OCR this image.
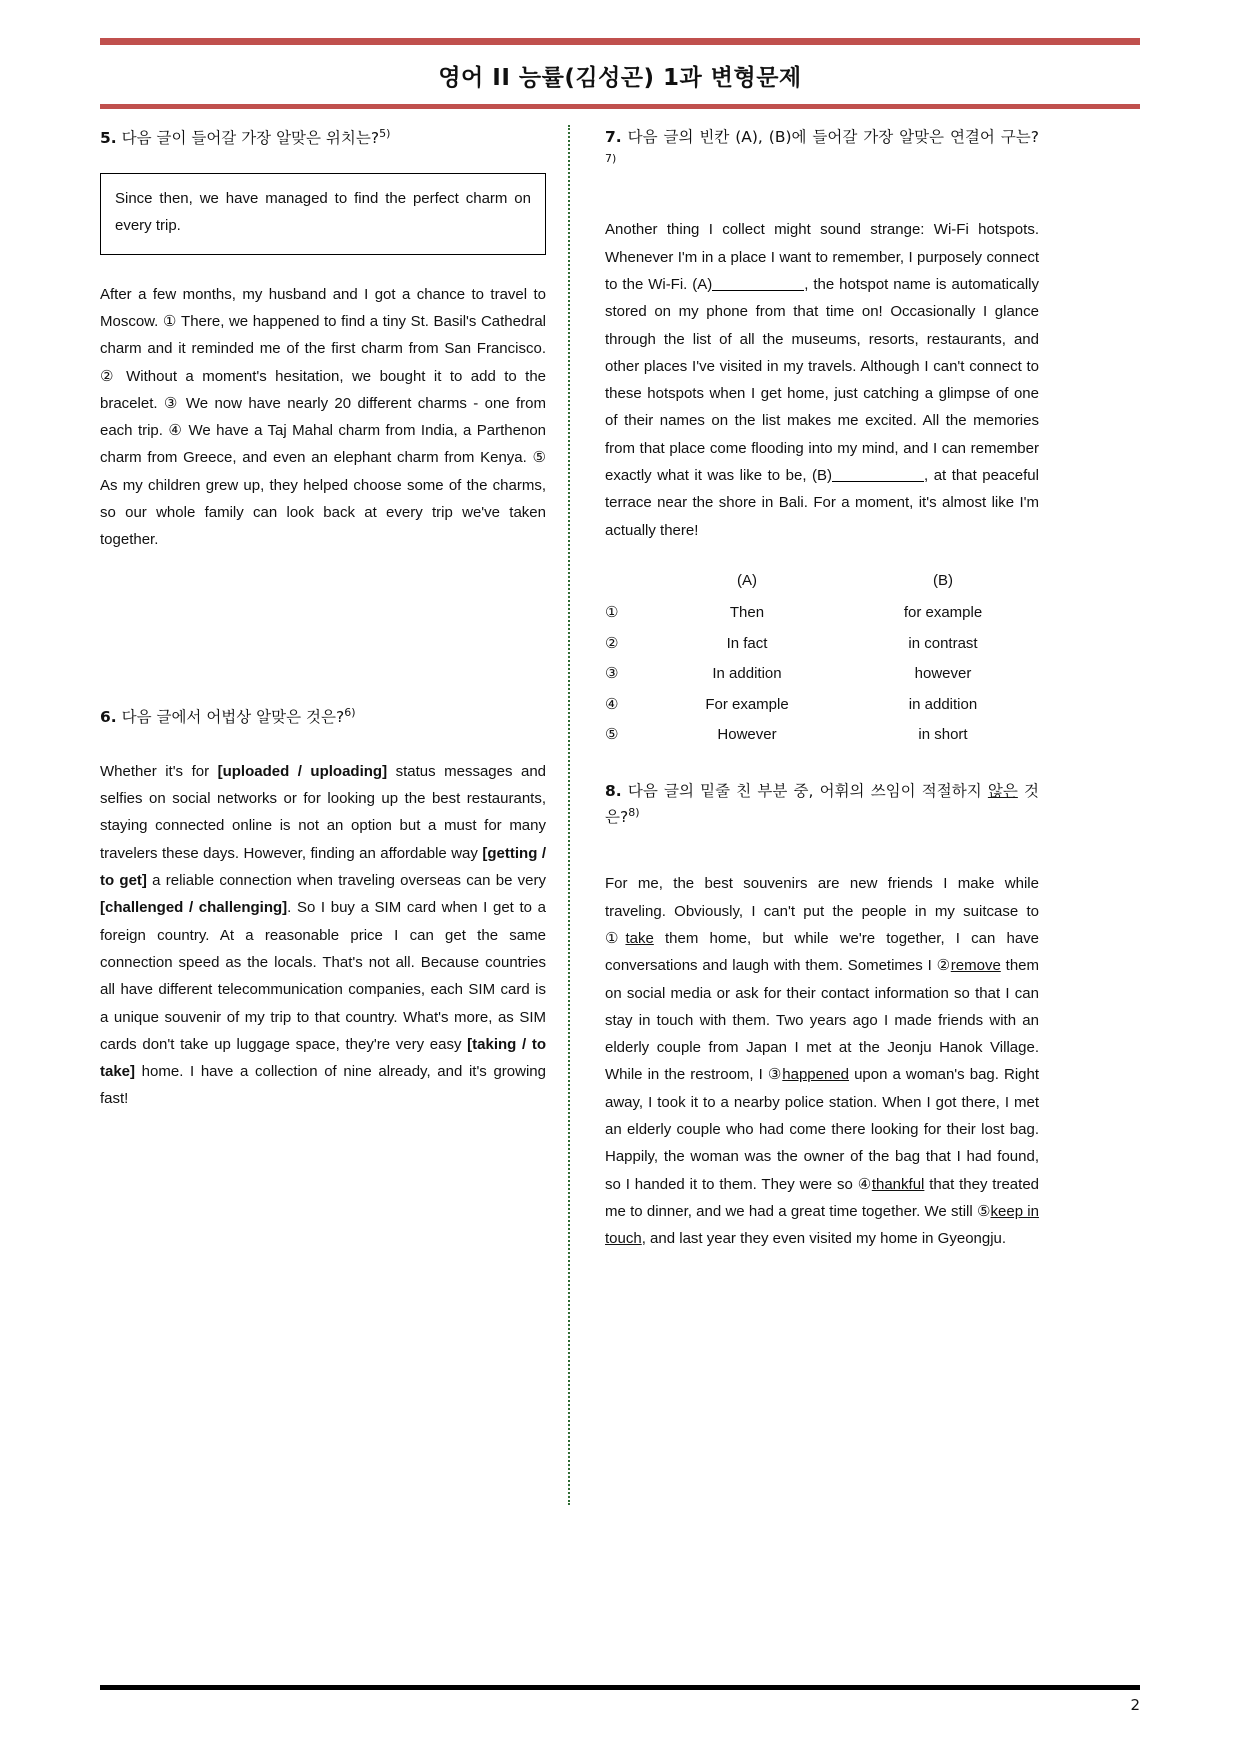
영어 II 능률(김성곤) 1과 변형문제

5. 다음 글이 들어갈 가장 알맞은 위치는?$^{5)}$

Since then, we have managed to find the perfect charm on every trip.

After a few months, my husband and I got a chance to travel to Moscow. ① There, we happened to find a tiny St. Basil's Cathedral charm and it reminded me of the first charm from San Francisco. ② Without a moment's hesitation, we bought it to add to the bracelet. ③ We now have nearly 20 different charms - one from each trip. ④ We have a Taj Mahal charm from India, a Parthenon charm from Greece, and even an elephant charm from Kenya. ⑤ As my children grew up, they helped choose some of the charms, so our whole family can look back at every trip we've taken together.

6. 다음 글에서 어법상 알맞은 것은?$^{6)}$

Whether it's for [uploaded / uploading] status messages and selfies on social networks or for looking up the best restaurants, staying connected online is not an option but a must for many travelers these days. However, finding an affordable way [getting / to get] a reliable connection when traveling overseas can be very [challenged / challenging]. So I buy a SIM card when I get to a foreign country. At a reasonable price I can get the same connection speed as the locals. That's not all. Because countries all have different telecommunication companies, each SIM card is a unique souvenir of my trip to that country. What's more, as SIM cards don't take up luggage space, they're very easy [taking / to take] home. I have a collection of nine already, and it's growing fast!

7. 다음 글의 빈칸 (A), (B)에 들어갈 가장 알맞은 연결어 구는?$^{7)}$

Another thing I collect might sound strange: Wi-Fi hotspots. Whenever I'm in a place I want to remember, I purposely connect to the Wi-Fi. (A)	, the hotspot name is automatically stored on my phone from that time on! Occasionally I glance through the list of all the museums, resorts, restaurants, and other places I've visited in my travels. Although I can't connect to these hotspots when I get home, just catching a glimpse of one of their names on the list makes me excited. All the memories from that place come flooding into my mind, and I can remember exactly what it was like to be, (B)	, at that peaceful terrace near the shore in Bali. For a moment, it's almost like I'm actually there!

	(A)	(B)
①	Then	for example
②	In fact	in contrast
③	In addition	however
④	For example	in addition
⑤	However	in short

8. 다음 글의 밑줄 친 부분 중, 어휘의 쓰임이 적절하지 않은 것은?$^{8)}$

For me, the best souvenirs are new friends I make while traveling. Obviously, I can't put the people in my suitcase to ①take them home, but while we're together, I can have conversations and laugh with them. Sometimes I ②remove them on social media or ask for their contact information so that I can stay in touch with them. Two years ago I made friends with an elderly couple from Japan I met at the Jeonju Hanok Village. While in the restroom, I ③happened upon a woman's bag. Right away, I took it to a nearby police station. When I got there, I met an elderly couple who had come there looking for their lost bag. Happily, the woman was the owner of the bag that I had found, so I handed it to them. They were so ④thankful that they treated me to dinner, and we had a great time together. We still ⑤keep in touch, and last year they even visited my home in Gyeongju.

2
